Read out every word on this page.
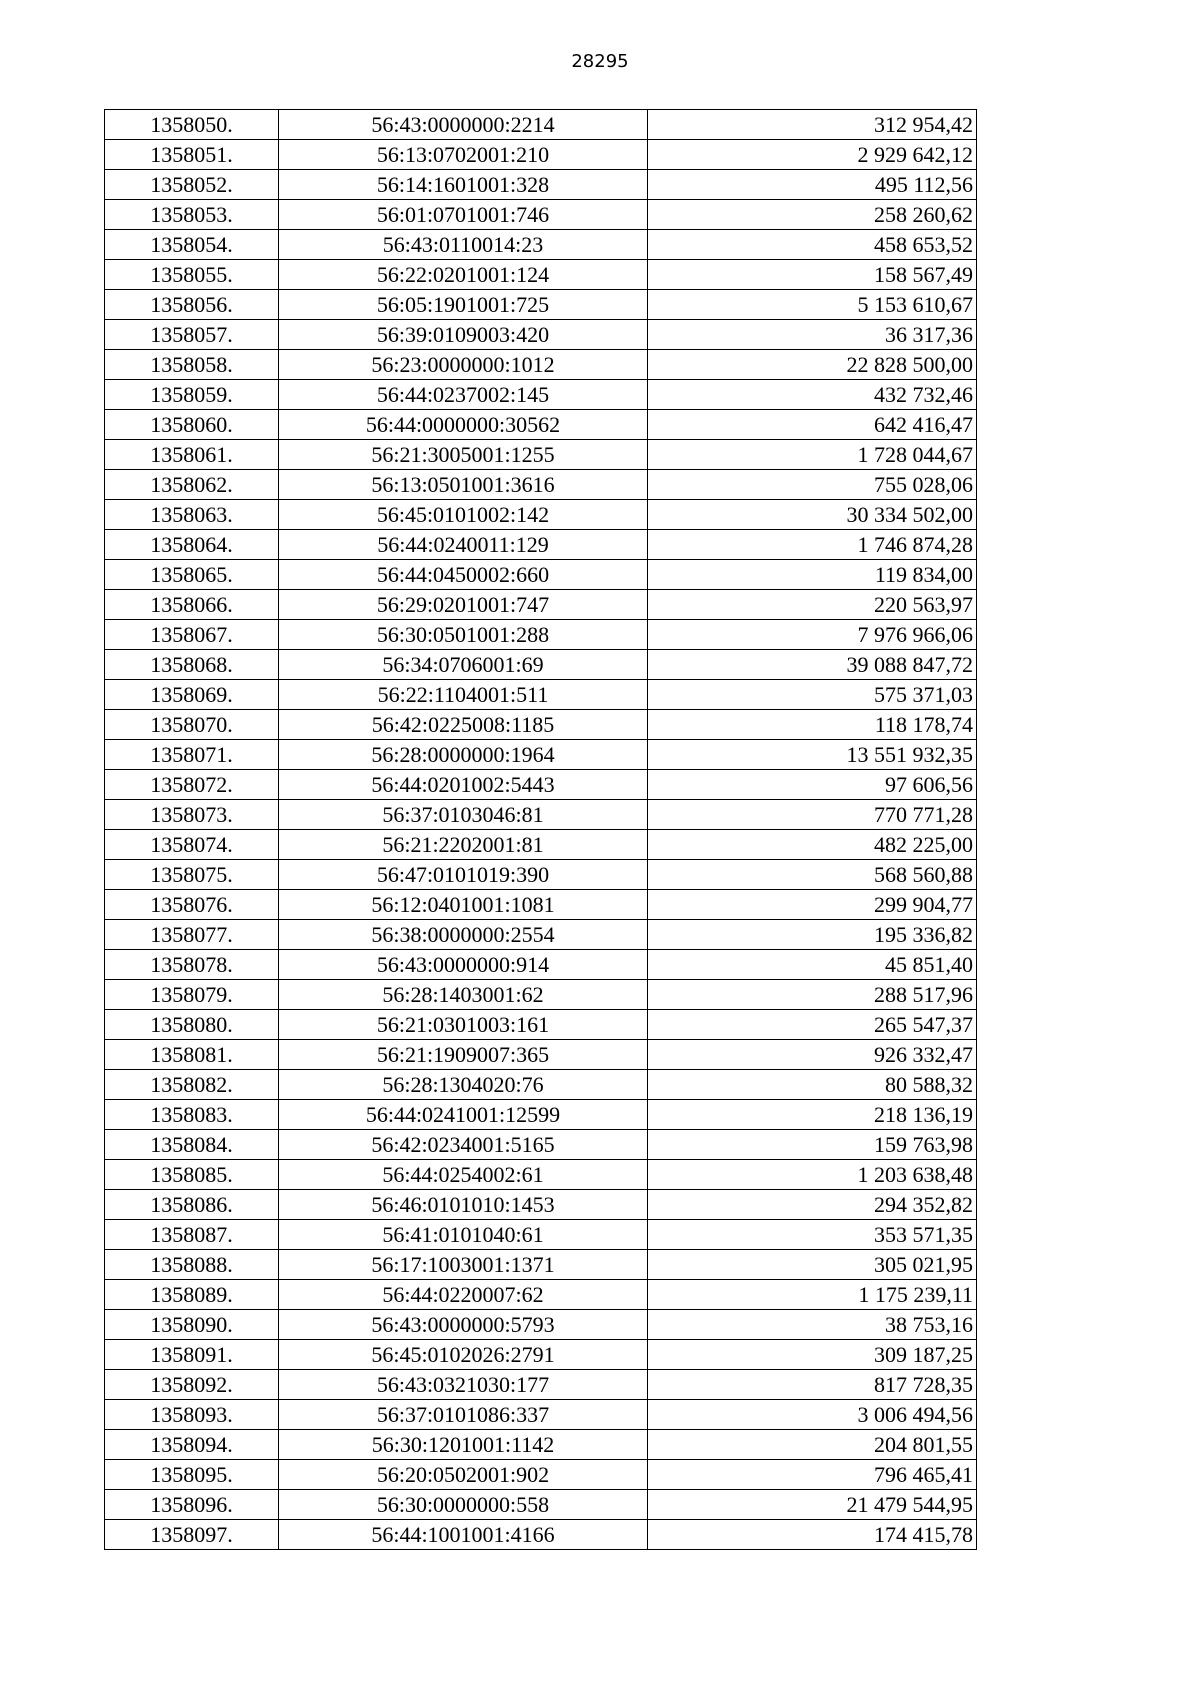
28295
1358050.	56:43:0000000:2214	312 954,42
1358051.	56:13:0702001:210	2 929 642,12
1358052.	56:14:1601001:328	495 112,56
1358053.	56:01:0701001:746	258 260,62
1358054.	56:43:0110014:23	458 653,52
1358055.	56:22:0201001:124	158 567,49
1358056.	56:05:1901001:725	5 153 610,67
1358057.	56:39:0109003:420	36 317,36
1358058.	56:23:0000000:1012	22 828 500,00
1358059.	56:44:0237002:145	432 732,46
1358060.	56:44:0000000:30562	642 416,47
1358061.	56:21:3005001:1255	1 728 044,67
1358062.	56:13:0501001:3616	755 028,06
1358063.	56:45:0101002:142	30 334 502,00
1358064.	56:44:0240011:129	1 746 874,28
1358065.	56:44:0450002:660	119 834,00
1358066.	56:29:0201001:747	220 563,97
1358067.	56:30:0501001:288	7 976 966,06
1358068.	56:34:0706001:69	39 088 847,72
1358069.	56:22:1104001:511	575 371,03
1358070.	56:42:0225008:1185	118 178,74
1358071.	56:28:0000000:1964	13 551 932,35
1358072.	56:44:0201002:5443	97 606,56
1358073.	56:37:0103046:81	770 771,28
1358074.	56:21:2202001:81	482 225,00
1358075.	56:47:0101019:390	568 560,88
1358076.	56:12:0401001:1081	299 904,77
1358077.	56:38:0000000:2554	195 336,82
1358078.	56:43:0000000:914	45 851,40
1358079.	56:28:1403001:62	288 517,96
1358080.	56:21:0301003:161	265 547,37
1358081.	56:21:1909007:365	926 332,47
1358082.	56:28:1304020:76	80 588,32
1358083.	56:44:0241001:12599	218 136,19
1358084.	56:42:0234001:5165	159 763,98
1358085.	56:44:0254002:61	1 203 638,48
1358086.	56:46:0101010:1453	294 352,82
1358087.	56:41:0101040:61	353 571,35
1358088.	56:17:1003001:1371	305 021,95
1358089.	56:44:0220007:62	1 175 239,11
1358090.	56:43:0000000:5793	38 753,16
1358091.	56:45:0102026:2791	309 187,25
1358092.	56:43:0321030:177	817 728,35
1358093.	56:37:0101086:337	3 006 494,56
1358094.	56:30:1201001:1142	204 801,55
1358095.	56:20:0502001:902	796 465,41
1358096.	56:30:0000000:558	21 479 544,95
1358097.	56:44:1001001:4166	174 415,78
